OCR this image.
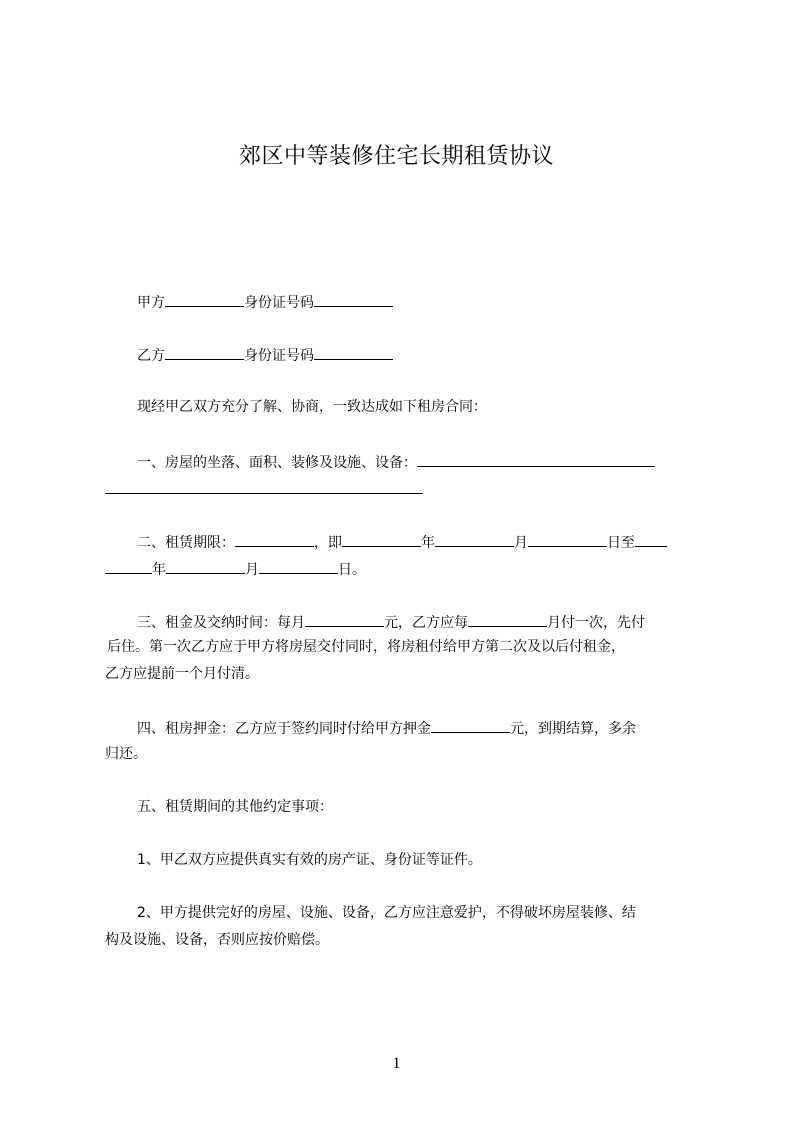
郊区中等装修住宅长期租赁协议
甲方	身份证号码
乙方	身份证号码
现经甲乙双方充分了解、协商，一致达成如下租房合同：
一、房屋的坐落、面积、装修及设施、设备：
二、租赁期限：	，即	年	月	日至
年	月	日。
三、租金及交纳时间：每月	元，乙方应每	月付一次，先付
后住。第一次乙方应于甲方将房屋交付同时，将房租付给甲方第二次及以后付租金，
乙方应提前一个月付清。
四、租房押金：乙方应于签约同时付给甲方押金	元，到期结算，多余
归还。
五、租赁期间的其他约定事项：
1、甲乙双方应提供真实有效的房产证、身份证等证件。
2、甲方提供完好的房屋、设施、设备，乙方应注意爱护，不得破坏房屋装修、结
构及设施、设备，否则应按价赔偿。
1
